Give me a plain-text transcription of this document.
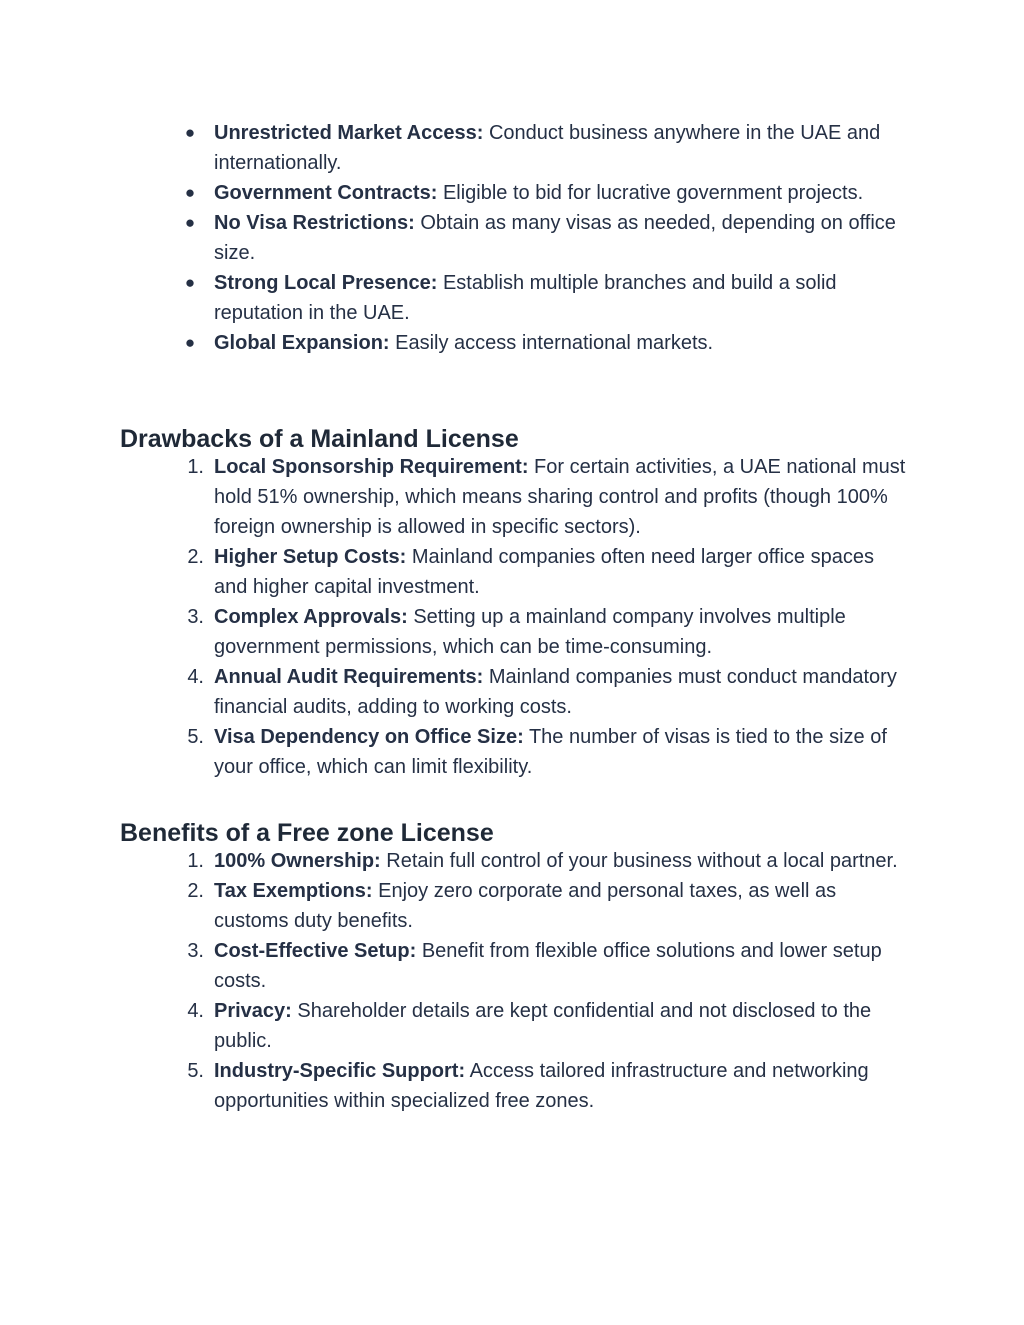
● Unrestricted Market Access: Conduct business anywhere in the UAE and internationally.
● Government Contracts: Eligible to bid for lucrative government projects.
● No Visa Restrictions: Obtain as many visas as needed, depending on office size.
● Strong Local Presence: Establish multiple branches and build a solid reputation in the UAE.
● Global Expansion: Easily access international markets.
Drawbacks of a Mainland License
1. Local Sponsorship Requirement: For certain activities, a UAE national must hold 51% ownership, which means sharing control and profits (though 100% foreign ownership is allowed in specific sectors).
2. Higher Setup Costs: Mainland companies often need larger office spaces and higher capital investment.
3. Complex Approvals: Setting up a mainland company involves multiple government permissions, which can be time-consuming.
4. Annual Audit Requirements: Mainland companies must conduct mandatory financial audits, adding to working costs.
5. Visa Dependency on Office Size: The number of visas is tied to the size of your office, which can limit flexibility.
Benefits of a Free zone License
1. 100% Ownership: Retain full control of your business without a local partner.
2. Tax Exemptions: Enjoy zero corporate and personal taxes, as well as customs duty benefits.
3. Cost-Effective Setup: Benefit from flexible office solutions and lower setup costs.
4. Privacy: Shareholder details are kept confidential and not disclosed to the public.
5. Industry-Specific Support: Access tailored infrastructure and networking opportunities within specialized free zones.
